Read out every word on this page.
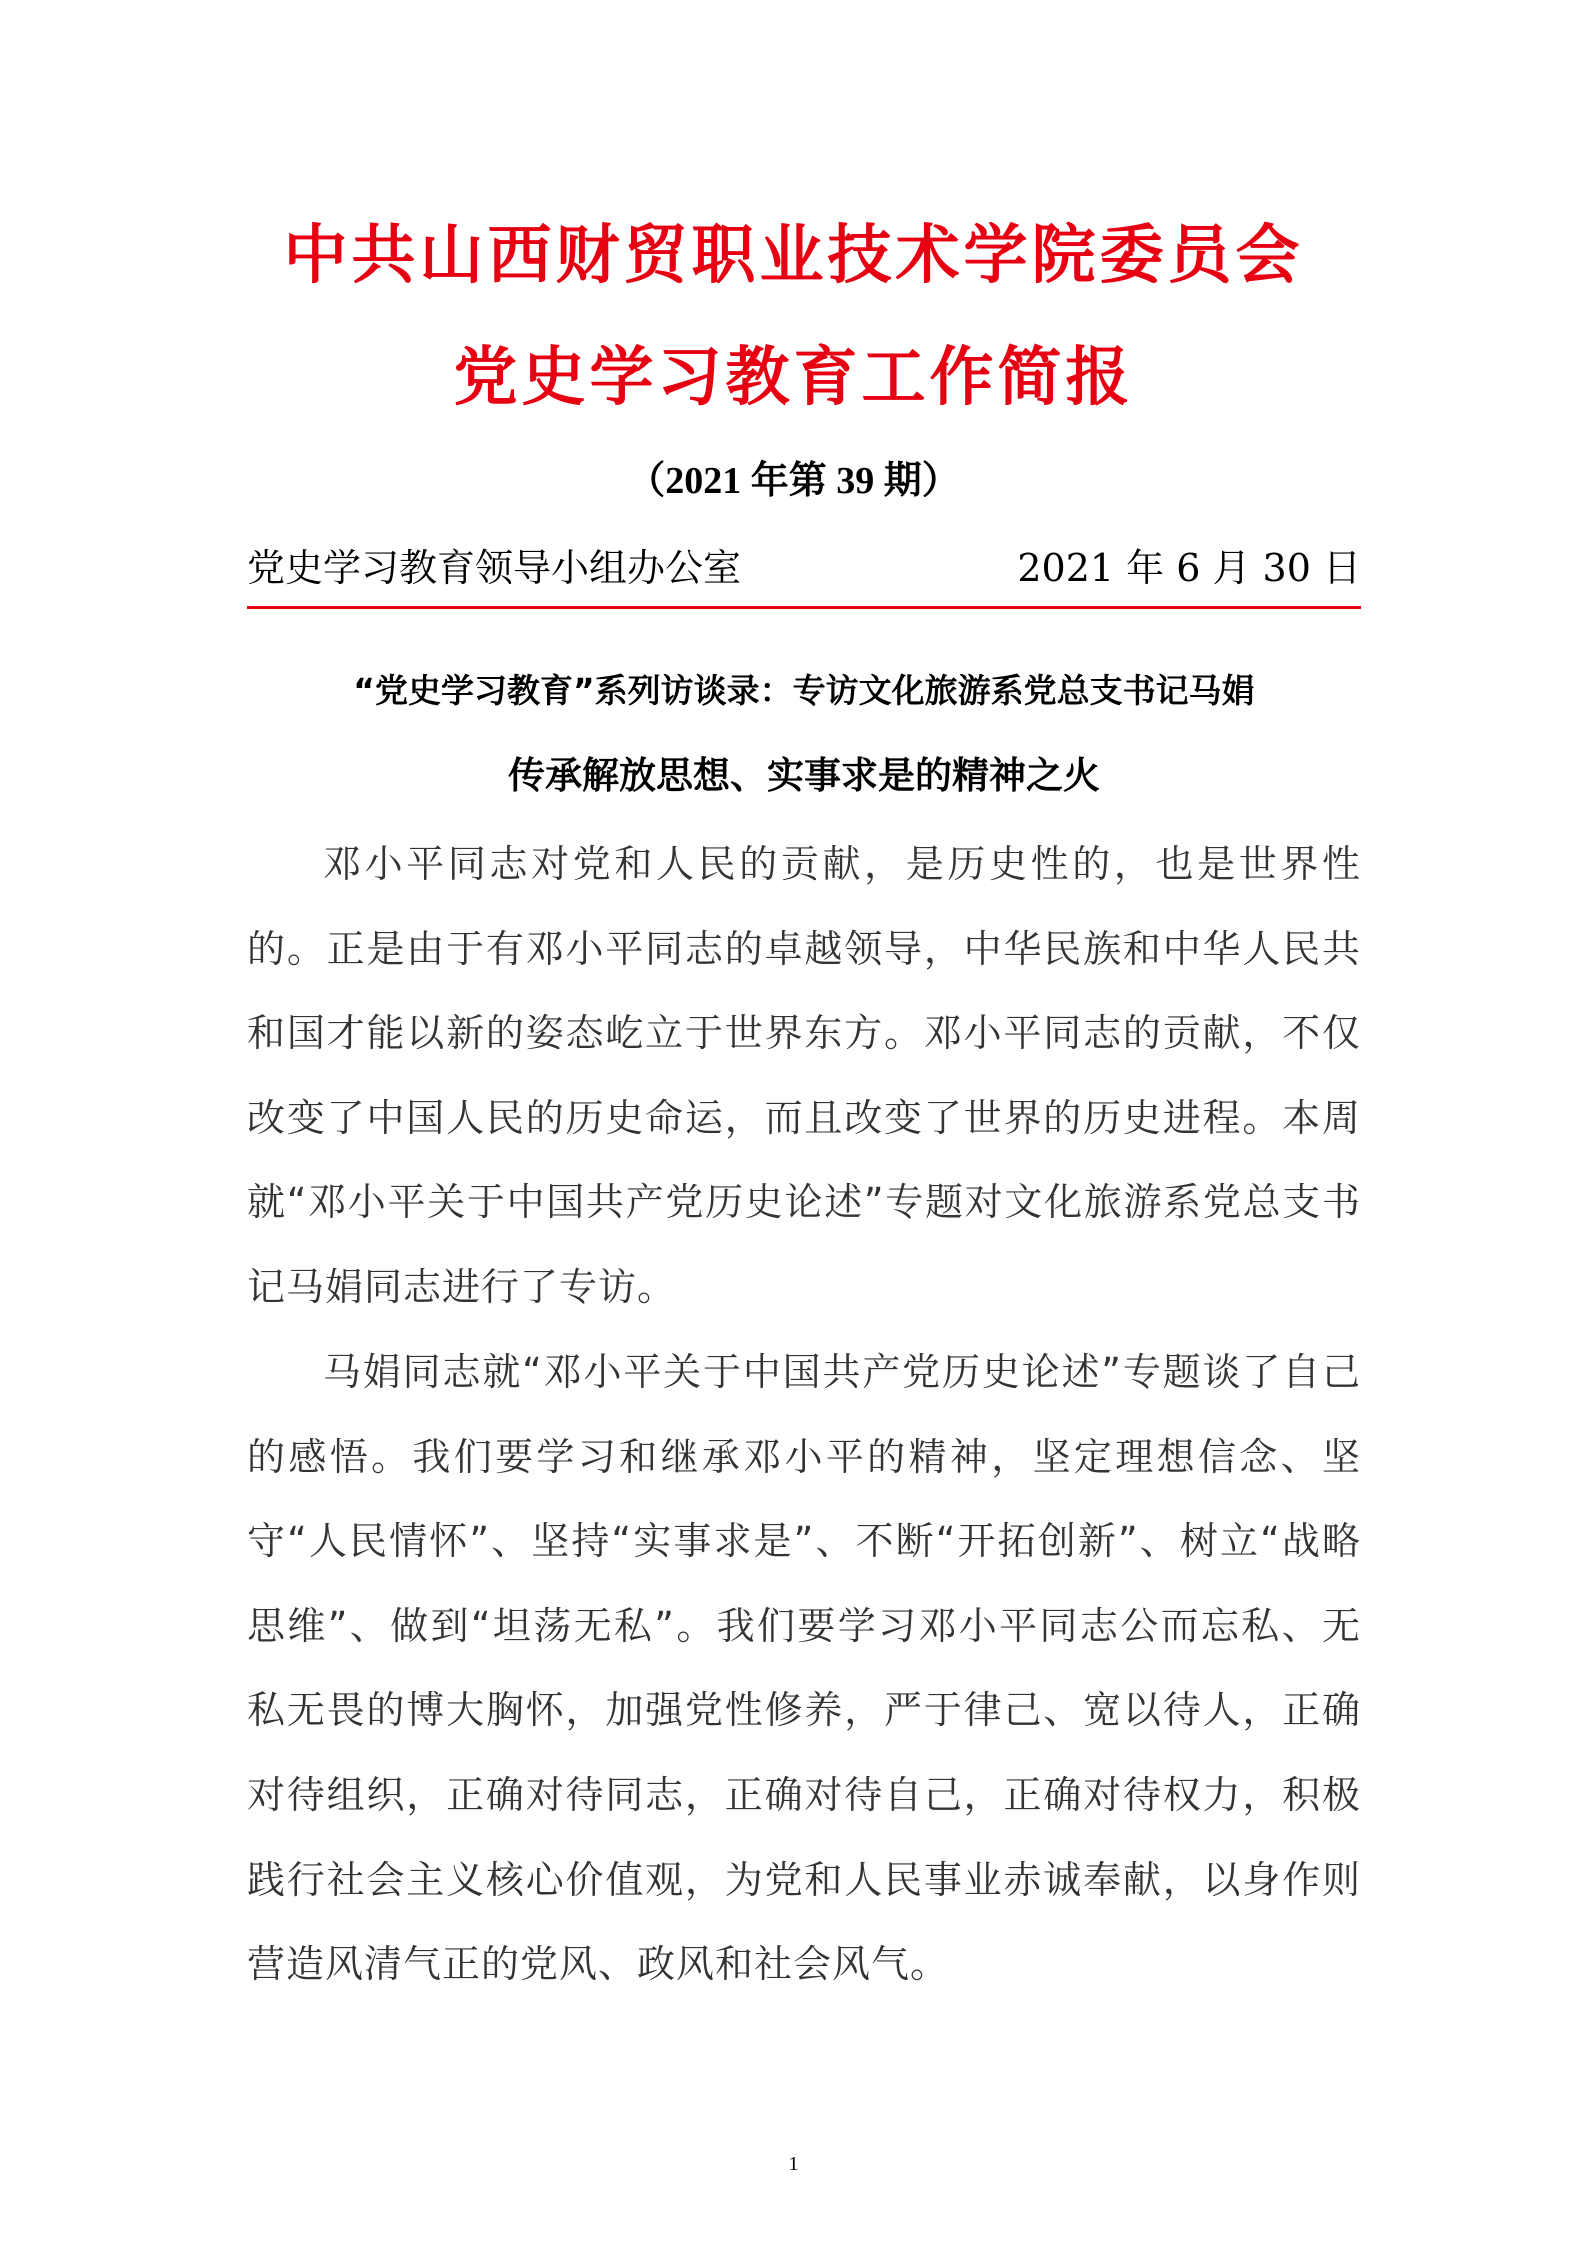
中共山西财贸职业技术学院委员会
党史学习教育工作简报
（2021 年第 39 期）
党史学习教育领导小组办公室	2021 年 6 月 30 日
“党史学习教育”系列访谈录：专访文化旅游系党总支书记马娟
传承解放思想、实事求是的精神之火

邓小平同志对党和人民的贡献，是历史性的，也是世界性的。正是由于有邓小平同志的卓越领导，中华民族和中华人民共和国才能以新的姿态屹立于世界东方。邓小平同志的贡献，不仅改变了中国人民的历史命运，而且改变了世界的历史进程。本周就“邓小平关于中国共产党历史论述”专题对文化旅游系党总支书记马娟同志进行了专访。

马娟同志就“邓小平关于中国共产党历史论述”专题谈了自己的感悟。我们要学习和继承邓小平的精神，坚定理想信念、坚守“人民情怀”、坚持“实事求是”、不断“开拓创新”、树立“战略思维”、做到“坦荡无私”。我们要学习邓小平同志公而忘私、无私无畏的博大胸怀，加强党性修养，严于律己、宽以待人，正确对待组织，正确对待同志，正确对待自己，正确对待权力，积极践行社会主义核心价值观，为党和人民事业赤诚奉献，以身作则营造风清气正的党风、政风和社会风气。

1
